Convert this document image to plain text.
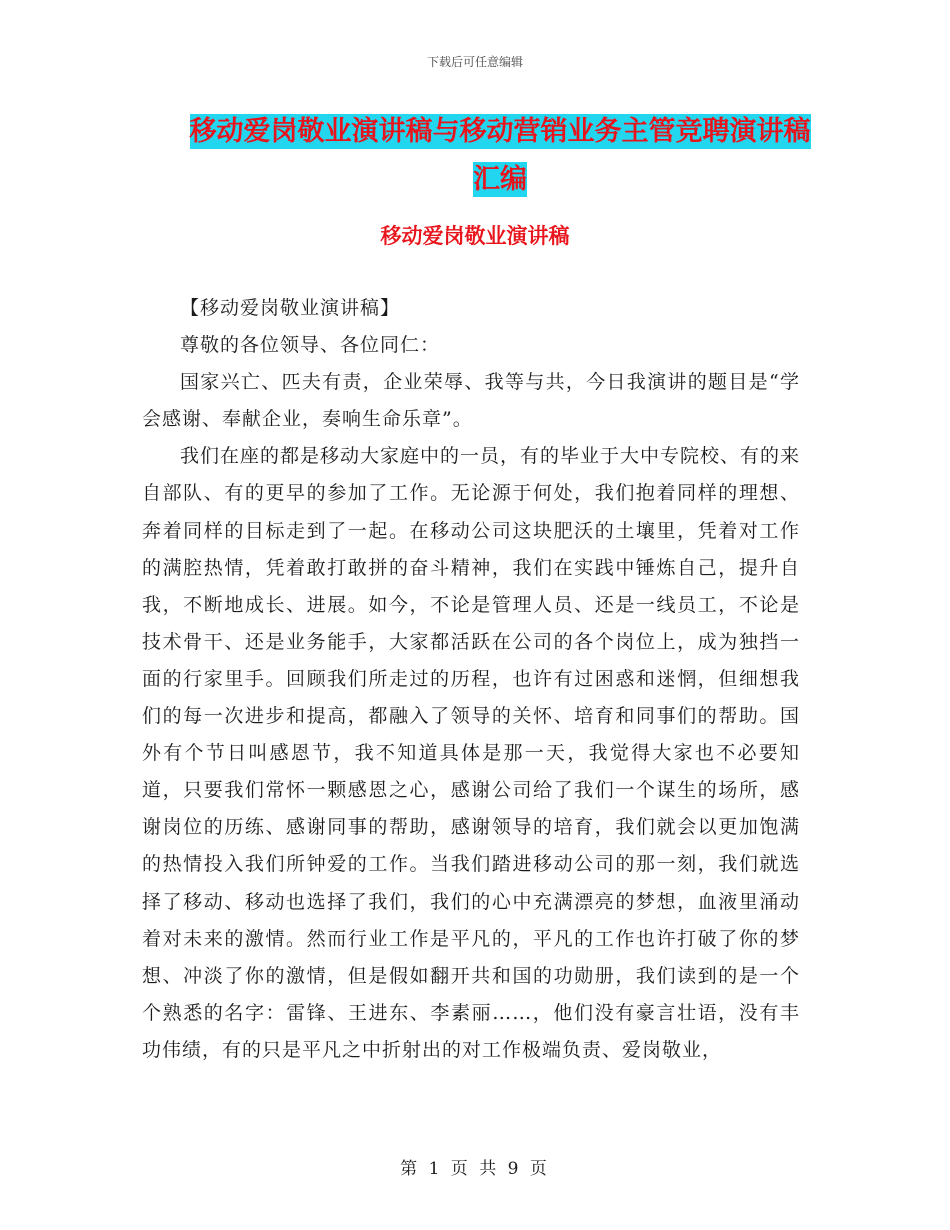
下载后可任意编辑
移动爱岗敬业演讲稿与移动营销业务主管竞聘演讲稿
汇编
移动爱岗敬业演讲稿

【移动爱岗敬业演讲稿】

尊敬的各位领导、各位同仁：

国家兴亡、匹夫有责，企业荣辱、我等与共，今日我演讲的题目是“学会感谢、奉献企业，奏响生命乐章”。

我们在座的都是移动大家庭中的一员，有的毕业于大中专院校、有的来自部队、有的更早的参加了工作。无论源于何处，我们抱着同样的理想、奔着同样的目标走到了一起。在移动公司这块肥沃的土壤里，凭着对工作的满腔热情，凭着敢打敢拼的奋斗精神，我们在实践中锤炼自己，提升自我，不断地成长、进展。如今，不论是管理人员、还是一线员工，不论是技术骨干、还是业务能手，大家都活跃在公司的各个岗位上，成为独挡一面的行家里手。回顾我们所走过的历程，也许有过困惑和迷惘，但细想我们的每一次进步和提高，都融入了领导的关怀、培育和同事们的帮助。国外有个节日叫感恩节，我不知道具体是那一天，我觉得大家也不必要知道，只要我们常怀一颗感恩之心，感谢公司给了我们一个谋生的场所，感谢岗位的历练、感谢同事的帮助，感谢领导的培育，我们就会以更加饱满的热情投入我们所钟爱的工作。当我们踏进移动公司的那一刻，我们就选择了移动、移动也选择了我们，我们的心中充满漂亮的梦想，血液里涌动着对未来的激情。然而行业工作是平凡的，平凡的工作也许打破了你的梦想、冲淡了你的激情，但是假如翻开共和国的功勋册，我们读到的是一个个熟悉的名字：雷锋、王进东、李素丽……，他们没有豪言壮语，没有丰功伟绩，有的只是平凡之中折射出的对工作极端负责、爱岗敬业，

第 1 页 共 9 页
